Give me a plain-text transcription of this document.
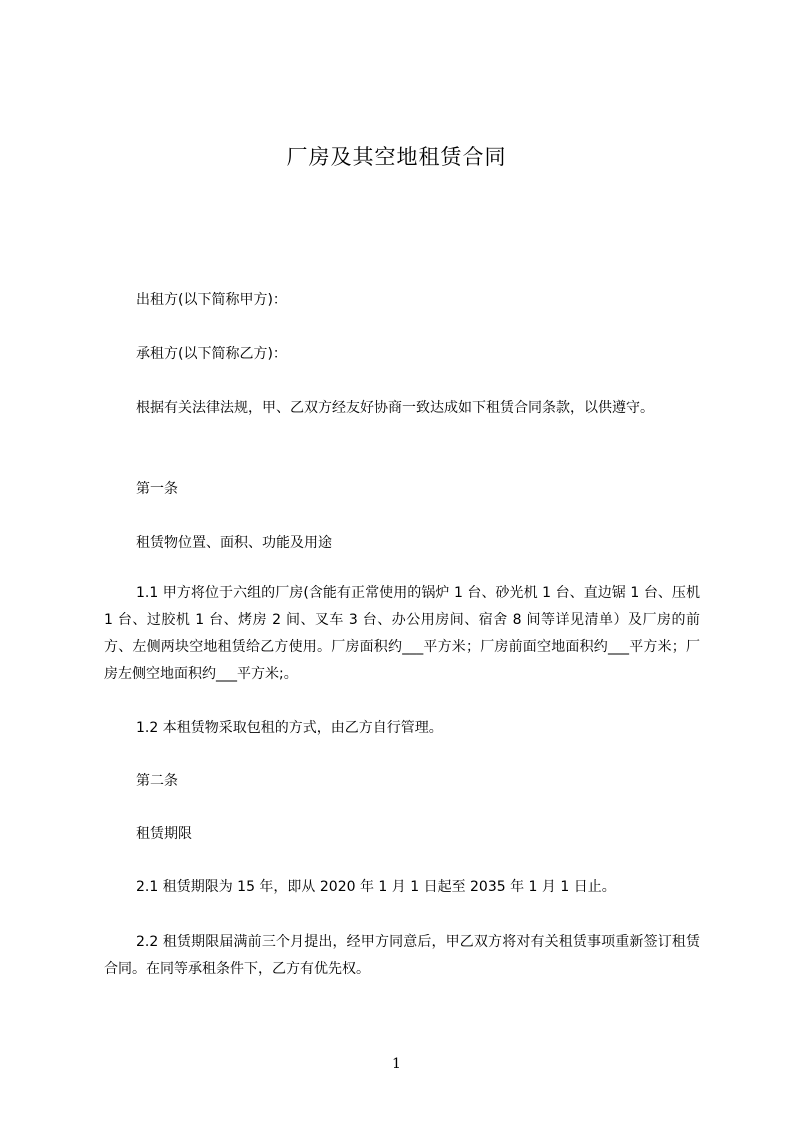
厂房及其空地租赁合同

出租方(以下简称甲方)：

承租方(以下简称乙方)：

根据有关法律法规，甲、乙双方经友好协商一致达成如下租赁合同条款，以供遵守。

第一条

租赁物位置、面积、功能及用途

1.1 甲方将位于六组的厂房(含能有正常使用的锅炉 1 台、砂光机 1 台、直边锯 1 台、压机 1 台、过胶机 1 台、烤房 2 间、叉车 3 台、办公用房间、宿舍 8 间等详见清单）及厂房的前方、左侧两块空地租赁给乙方使用。厂房面积约___平方米；厂房前面空地面积约___平方米；厂房左侧空地面积约___平方米;。

1.2 本租赁物采取包租的方式，由乙方自行管理。

第二条

租赁期限

2.1 租赁期限为 15 年，即从 2020 年 1 月 1 日起至 2035 年 1 月 1 日止。

2.2 租赁期限届满前三个月提出，经甲方同意后，甲乙双方将对有关租赁事项重新签订租赁合同。在同等承租条件下，乙方有优先权。

1
